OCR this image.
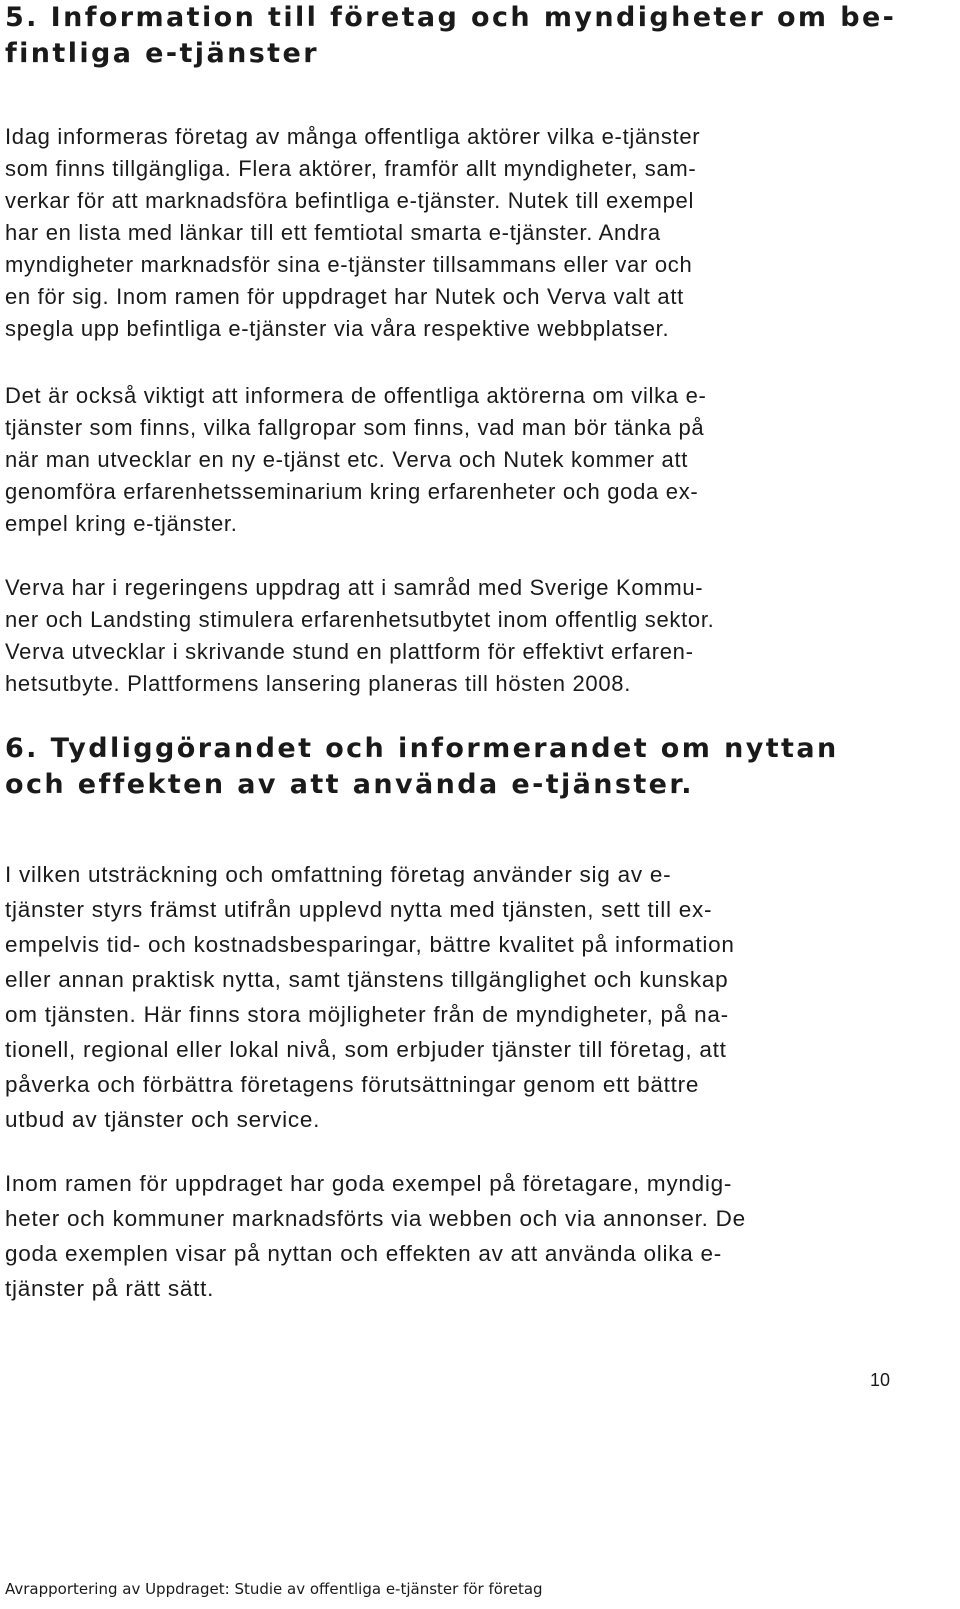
5. Information till företag och myndigheter om be-
fintliga e-tjänster
Idag informeras företag av många offentliga aktörer vilka e-tjänster
som finns tillgängliga. Flera aktörer, framför allt myndigheter, sam-
verkar för att marknadsföra befintliga e-tjänster. Nutek till exempel
har en lista med länkar till ett femtiotal smarta e-tjänster. Andra
myndigheter marknadsför sina e-tjänster tillsammans eller var och
en för sig. Inom ramen för uppdraget har Nutek och Verva valt att
spegla upp befintliga e-tjänster via våra respektive webbplatser.
Det är också viktigt att informera de offentliga aktörerna om vilka e-
tjänster som finns, vilka fallgropar som finns, vad man bör tänka på
när man utvecklar en ny e-tjänst etc. Verva och Nutek kommer att
genomföra erfarenhetsseminarium kring erfarenheter och goda ex-
empel kring e-tjänster.
Verva har i regeringens uppdrag att i samråd med Sverige Kommu-
ner och Landsting stimulera erfarenhetsutbytet inom offentlig sektor.
Verva utvecklar i skrivande stund en plattform för effektivt erfaren-
hetsutbyte. Plattformens lansering planeras till hösten 2008.
6. Tydliggörandet och informerandet om nyttan
och effekten av att använda e-tjänster.
I vilken utsträckning och omfattning företag använder sig av e-
tjänster styrs främst utifrån upplevd nytta med tjänsten, sett till ex-
empelvis tid- och kostnadsbesparingar, bättre kvalitet på information
eller annan praktisk nytta, samt tjänstens tillgänglighet och kunskap
om tjänsten. Här finns stora möjligheter från de myndigheter, på na-
tionell, regional eller lokal nivå, som erbjuder tjänster till företag, att
påverka och förbättra företagens förutsättningar genom ett bättre
utbud av tjänster och service.
Inom ramen för uppdraget har goda exempel på företagare, myndig-
heter och kommuner marknadsförts via webben och via annonser. De
goda exemplen visar på nyttan och effekten av att använda olika e-
tjänster på rätt sätt.

10

Avrapportering av Uppdraget: Studie av offentliga e-tjänster för företag
